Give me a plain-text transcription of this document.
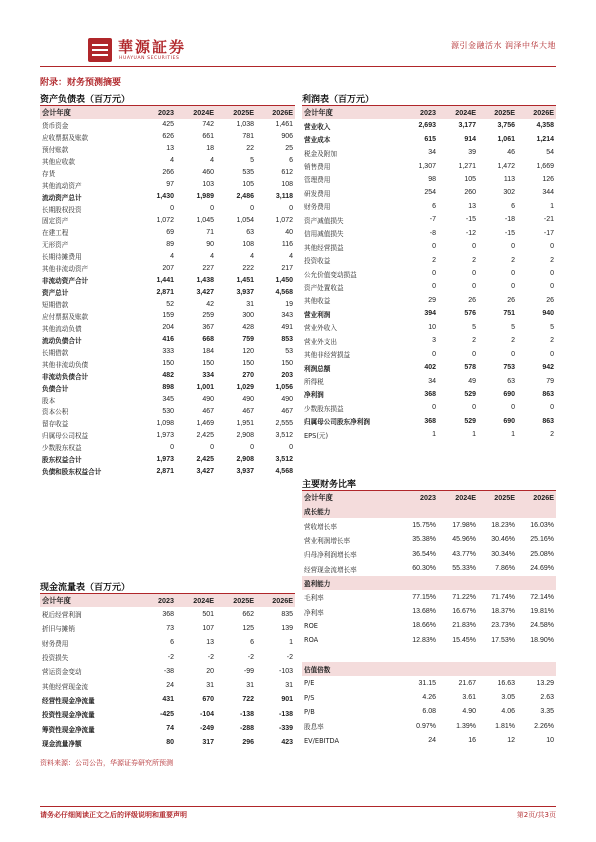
華源証券
HUAYUAN SECURITIES
源引金融活水 润泽中华大地
附录：财务预测摘要
资产负债表（百万元）
会计年度	2023	2024E	2025E	2026E
货币资金	425	742	1,038	1,461
应收票据及账款	626	661	781	906
预付账款	13	18	22	25
其他应收款	4	4	5	6
存货	266	460	535	612
其他流动资产	97	103	105	108
流动资产总计	1,430	1,989	2,486	3,118
长期股权投资	0	0	0	0
固定资产	1,072	1,045	1,054	1,072
在建工程	69	71	63	40
无形资产	89	90	108	116
长期待摊费用	4	4	4	4
其他非流动资产	207	227	222	217
非流动资产合计	1,441	1,438	1,451	1,450
资产总计	2,871	3,427	3,937	4,568
短期借款	52	42	31	19
应付票据及账款	159	259	300	343
其他流动负债	204	367	428	491
流动负债合计	416	668	759	853
长期借款	333	184	120	53
其他非流动负债	150	150	150	150
非流动负债合计	482	334	270	203
负债合计	898	1,001	1,029	1,056
股本	345	490	490	490
资本公积	530	467	467	467
留存收益	1,098	1,469	1,951	2,555
归属母公司权益	1,973	2,425	2,908	3,512
少数股东权益	0	0	0	0
股东权益合计	1,973	2,425	2,908	3,512
负债和股东权益合计	2,871	3,427	3,937	4,568
利润表（百万元）
会计年度	2023	2024E	2025E	2026E
营业收入	2,693	3,177	3,756	4,358
营业成本	615	914	1,061	1,214
税金及附加	34	39	46	54
销售费用	1,307	1,271	1,472	1,669
管理费用	98	105	113	126
研发费用	254	260	302	344
财务费用	6	13	6	1
资产减值损失	-7	-15	-18	-21
信用减值损失	-8	-12	-15	-17
其他经营损益	0	0	0	0
投资收益	2	2	2	2
公允价值变动损益	0	0	0	0
资产处置收益	0	0	0	0
其他收益	29	26	26	26
营业利润	394	576	751	940
营业外收入	10	5	5	5
营业外支出	3	2	2	2
其他非经营损益	0	0	0	0
利润总额	402	578	753	942
所得税	34	49	63	79
净利润	368	529	690	863
少数股东损益	0	0	0	0
归属母公司股东净利润	368	529	690	863
EPS(元)	1	1	1	2
主要财务比率
会计年度	2023	2024E	2025E	2026E
成长能力				
营收增长率	15.75%	17.98%	18.23%	16.03%
营业利润增长率	35.38%	45.96%	30.46%	25.16%
归母净利润增长率	36.54%	43.77%	30.34%	25.08%
经营现金流增长率	60.30%	55.33%	7.86%	24.69%
盈利能力				
毛利率	77.15%	71.22%	71.74%	72.14%
净利率	13.68%	16.67%	18.37%	19.81%
ROE	18.66%	21.83%	23.73%	24.58%
ROA	12.83%	15.45%	17.53%	18.90%

估值倍数				
P/E	31.15	21.67	16.63	13.29
P/S	4.26	3.61	3.05	2.63
P/B	6.08	4.90	4.06	3.35
股息率	0.97%	1.39%	1.81%	2.26%
EV/EBITDA	24	16	12	10
现金流量表（百万元）
会计年度	2023	2024E	2025E	2026E
税后经营利润	368	501	662	835
折旧与摊销	73	107	125	139
财务费用	6	13	6	1
投资损失	-2	-2	-2	-2
营运资金变动	-38	20	-99	-103
其他经营现金流	24	31	31	31
经营性现金净流量	431	670	722	901
投资性现金净流量	-425	-104	-138	-138
筹资性现金净流量	74	-249	-288	-339
现金流量净额	80	317	296	423
资料来源：公司公告，华源证券研究所预测
请务必仔细阅读正文之后的评级说明和重要声明	第2页/共3页
